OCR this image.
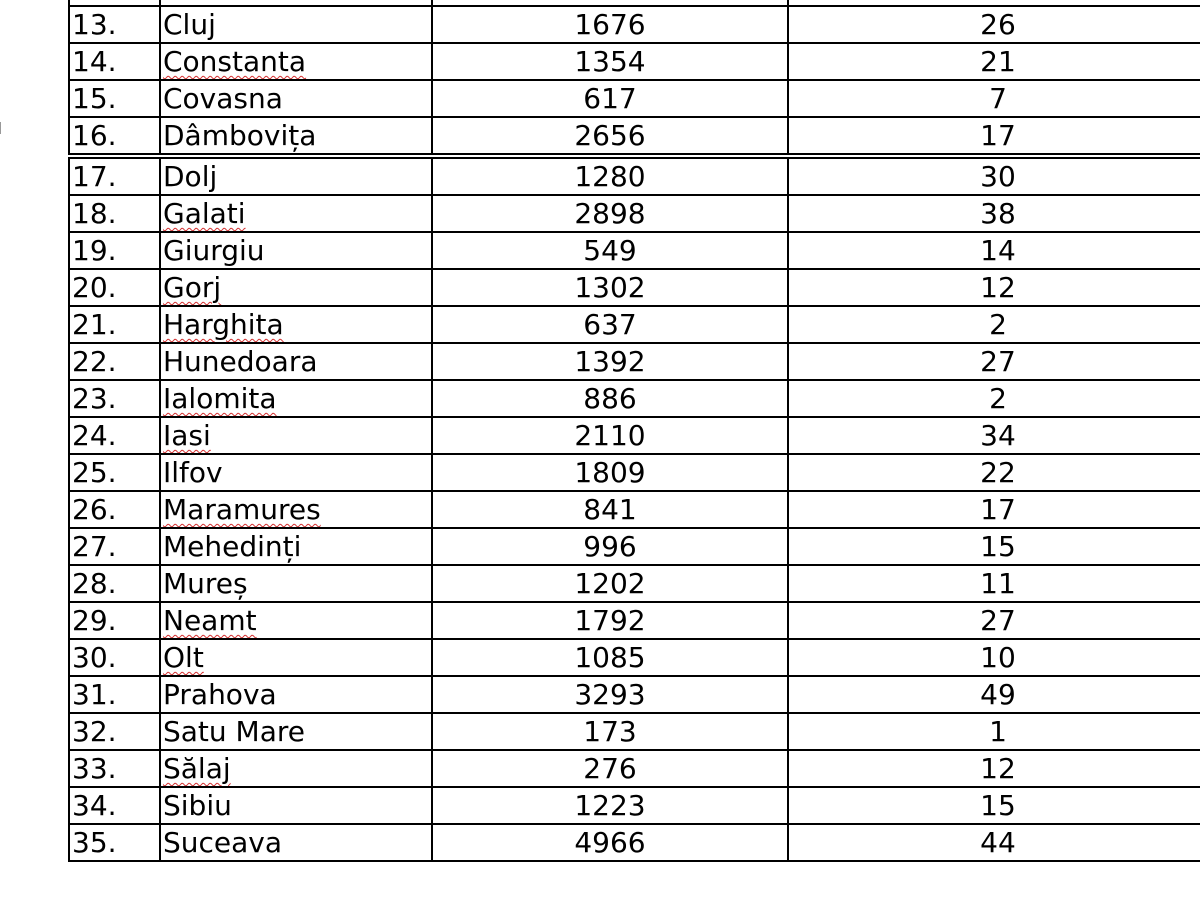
13.	Cluj	1676	26
14.	Constanta	1354	21
15.	Covasna	617	7
16.	Dâmbovița	2656	17
17.	Dolj	1280	30
18.	Galati	2898	38
19.	Giurgiu	549	14
20.	Gorj	1302	12
21.	Harghita	637	2
22.	Hunedoara	1392	27
23.	Ialomita	886	2
24.	Iasi	2110	34
25.	Ilfov	1809	22
26.	Maramures	841	17
27.	Mehedinți	996	15
28.	Mureș	1202	11
29.	Neamt	1792	27
30.	Olt	1085	10
31.	Prahova	3293	49
32.	Satu Mare	173	1
33.	Sălaj	276	12
34.	Sibiu	1223	15
35.	Suceava	4966	44
